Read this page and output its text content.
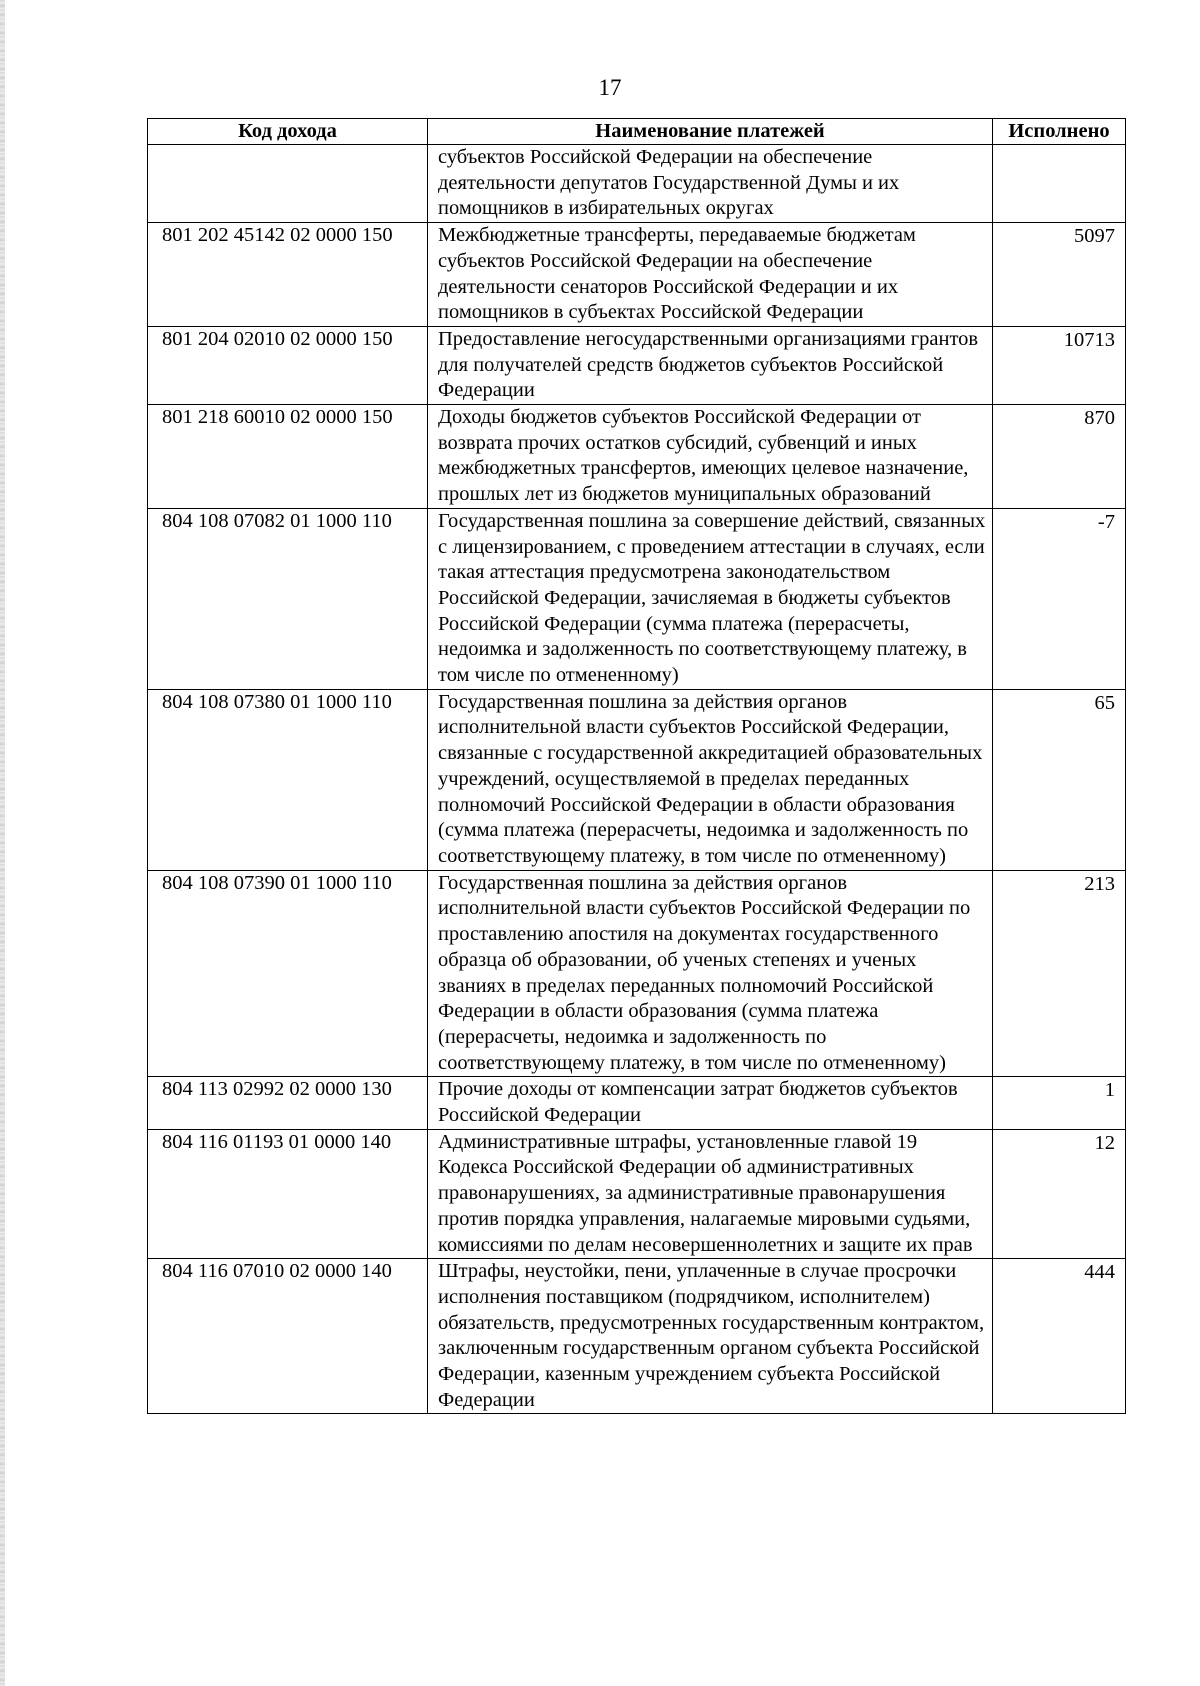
17
Код дохода	Наименование платежей	Исполнено
	субъектов Российской Федерации на обеспечение деятельности депутатов Государственной Думы и их помощников в избирательных округах	
801 202 45142 02 0000 150	Межбюджетные трансферты, передаваемые бюджетам субъектов Российской Федерации на обеспечение деятельности сенаторов Российской Федерации и их помощников в субъектах Российской Федерации	5097
801 204 02010 02 0000 150	Предоставление негосударственными организациями грантов для получателей средств бюджетов субъектов Российской Федерации	10713
801 218 60010 02 0000 150	Доходы бюджетов субъектов Российской Федерации от возврата прочих остатков субсидий, субвенций и иных межбюджетных трансфертов, имеющих целевое назначение, прошлых лет из бюджетов муниципальных образований	870
804 108 07082 01 1000 110	Государственная пошлина за совершение действий, связанных с лицензированием, с проведением аттестации в случаях, если такая аттестация предусмотрена законодательством Российской Федерации, зачисляемая в бюджеты субъектов Российской Федерации (сумма платежа (перерасчеты, недоимка и задолженность по соответствующему платежу, в том числе по отмененному)	-7
804 108 07380 01 1000 110	Государственная пошлина за действия органов исполнительной власти субъектов Российской Федерации, связанные с государственной аккредитацией образовательных учреждений, осуществляемой в пределах переданных полномочий Российской Федерации в области образования (сумма платежа (перерасчеты, недоимка и задолженность по соответствующему платежу, в том числе по отмененному)	65
804 108 07390 01 1000 110	Государственная пошлина за действия органов исполнительной власти субъектов Российской Федерации по проставлению апостиля на документах государственного образца об образовании, об ученых степенях и ученых званиях в пределах переданных полномочий Российской Федерации в области образования (сумма платежа (перерасчеты, недоимка и задолженность по соответствующему платежу, в том числе по отмененному)	213
804 113 02992 02 0000 130	Прочие доходы от компенсации затрат бюджетов субъектов Российской Федерации	1
804 116 01193 01 0000 140	Административные штрафы, установленные главой 19 Кодекса Российской Федерации об административных правонарушениях, за административные правонарушения против порядка управления, налагаемые мировыми судьями, комиссиями по делам несовершеннолетних и защите их прав	12
804 116 07010 02 0000 140	Штрафы, неустойки, пени, уплаченные в случае просрочки исполнения поставщиком (подрядчиком, исполнителем) обязательств, предусмотренных государственным контрактом, заключенным государственным органом субъекта Российской Федерации, казенным учреждением субъекта Российской Федерации	444
